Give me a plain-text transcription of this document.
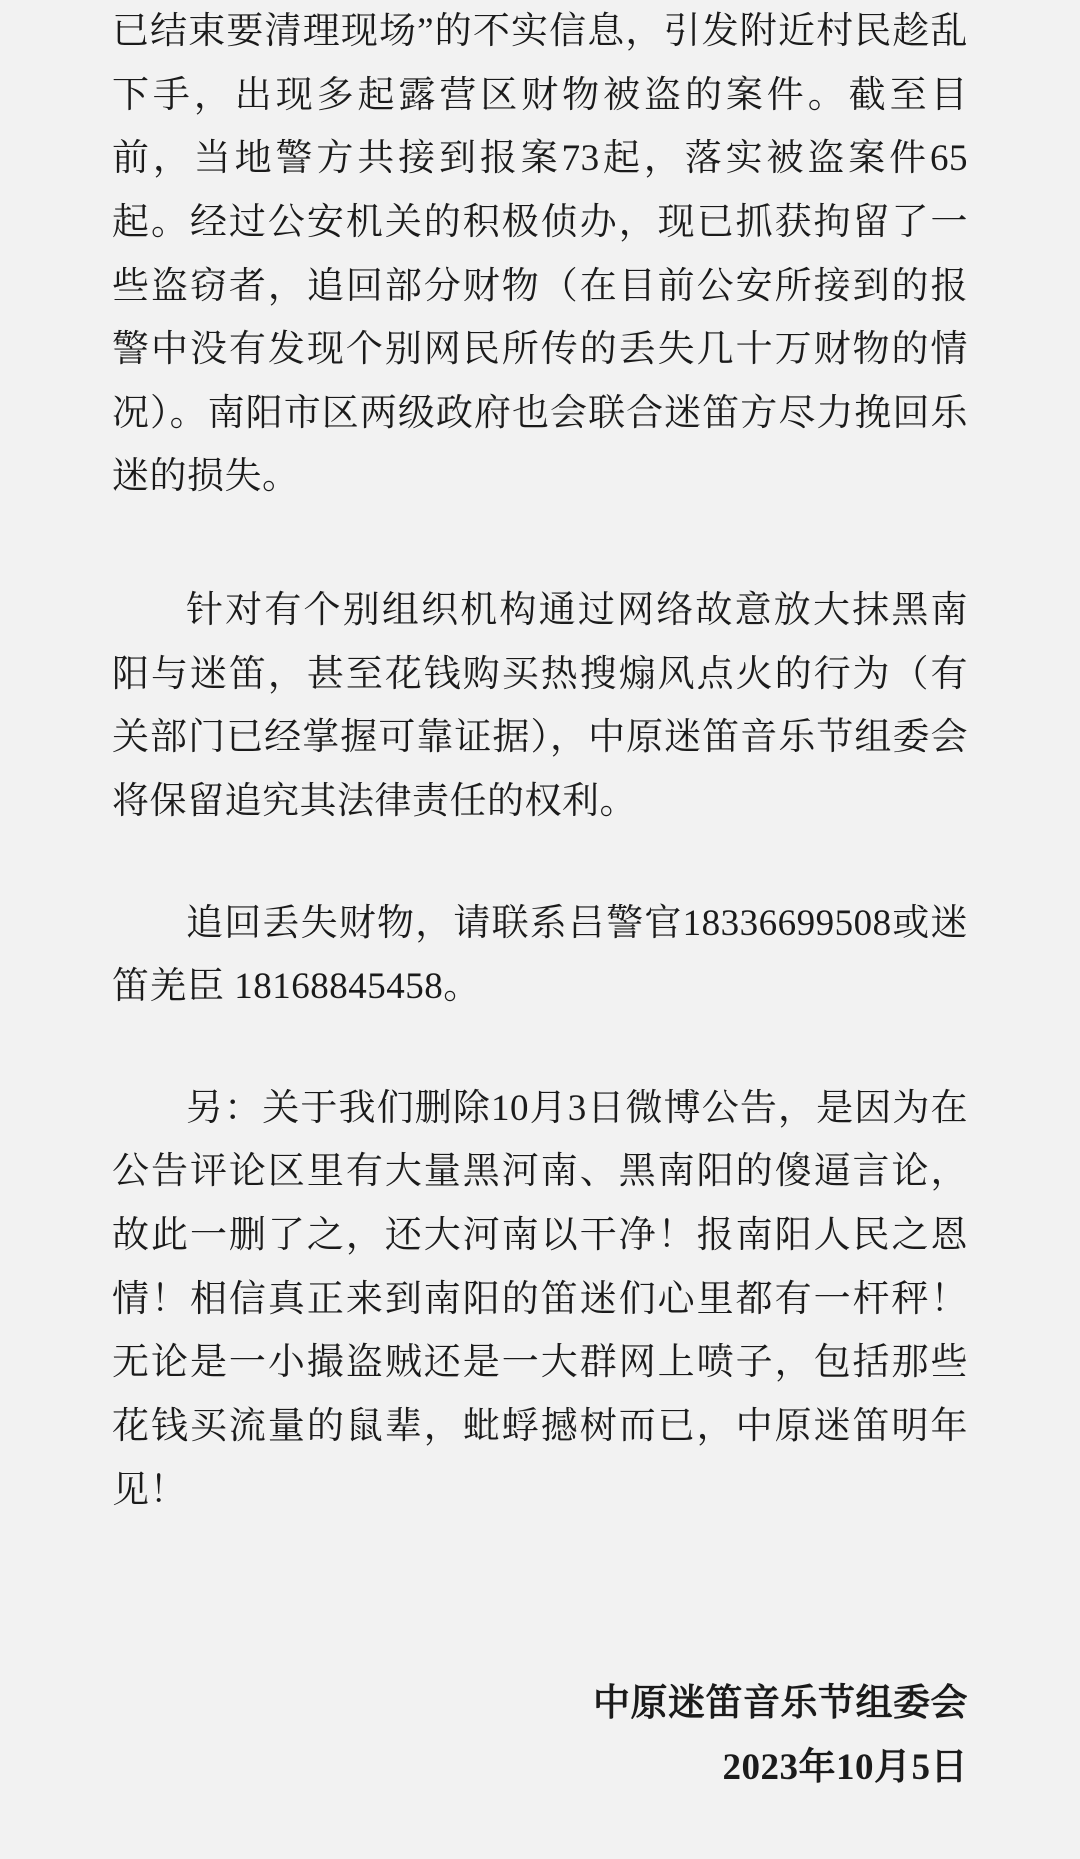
已结束要清理现场”的不实信息，引发附近村民趁乱下手，出现多起露营区财物被盗的案件。截至目前，当地警方共接到报案73起，落实被盗案件65起。经过公安机关的积极侦办，现已抓获拘留了一些盗窃者，追回部分财物（在目前公安所接到的报警中没有发现个别网民所传的丢失几十万财物的情况）。南阳市区两级政府也会联合迷笛方尽力挽回乐迷的损失。

针对有个别组织机构通过网络故意放大抹黑南阳与迷笛，甚至花钱购买热搜煽风点火的行为（有关部门已经掌握可靠证据），中原迷笛音乐节组委会将保留追究其法律责任的权利。

追回丢失财物，请联系吕警官18336699508或迷笛羌臣 18168845458。

另：关于我们删除10月3日微博公告，是因为在公告评论区里有大量黑河南、黑南阳的傻逼言论，故此一删了之，还大河南以干净！报南阳人民之恩情！相信真正来到南阳的笛迷们心里都有一杆秤！无论是一小撮盗贼还是一大群网上喷子，包括那些花钱买流量的鼠辈，蚍蜉撼树而已，中原迷笛明年见！

中原迷笛音乐节组委会
2023年10月5日
